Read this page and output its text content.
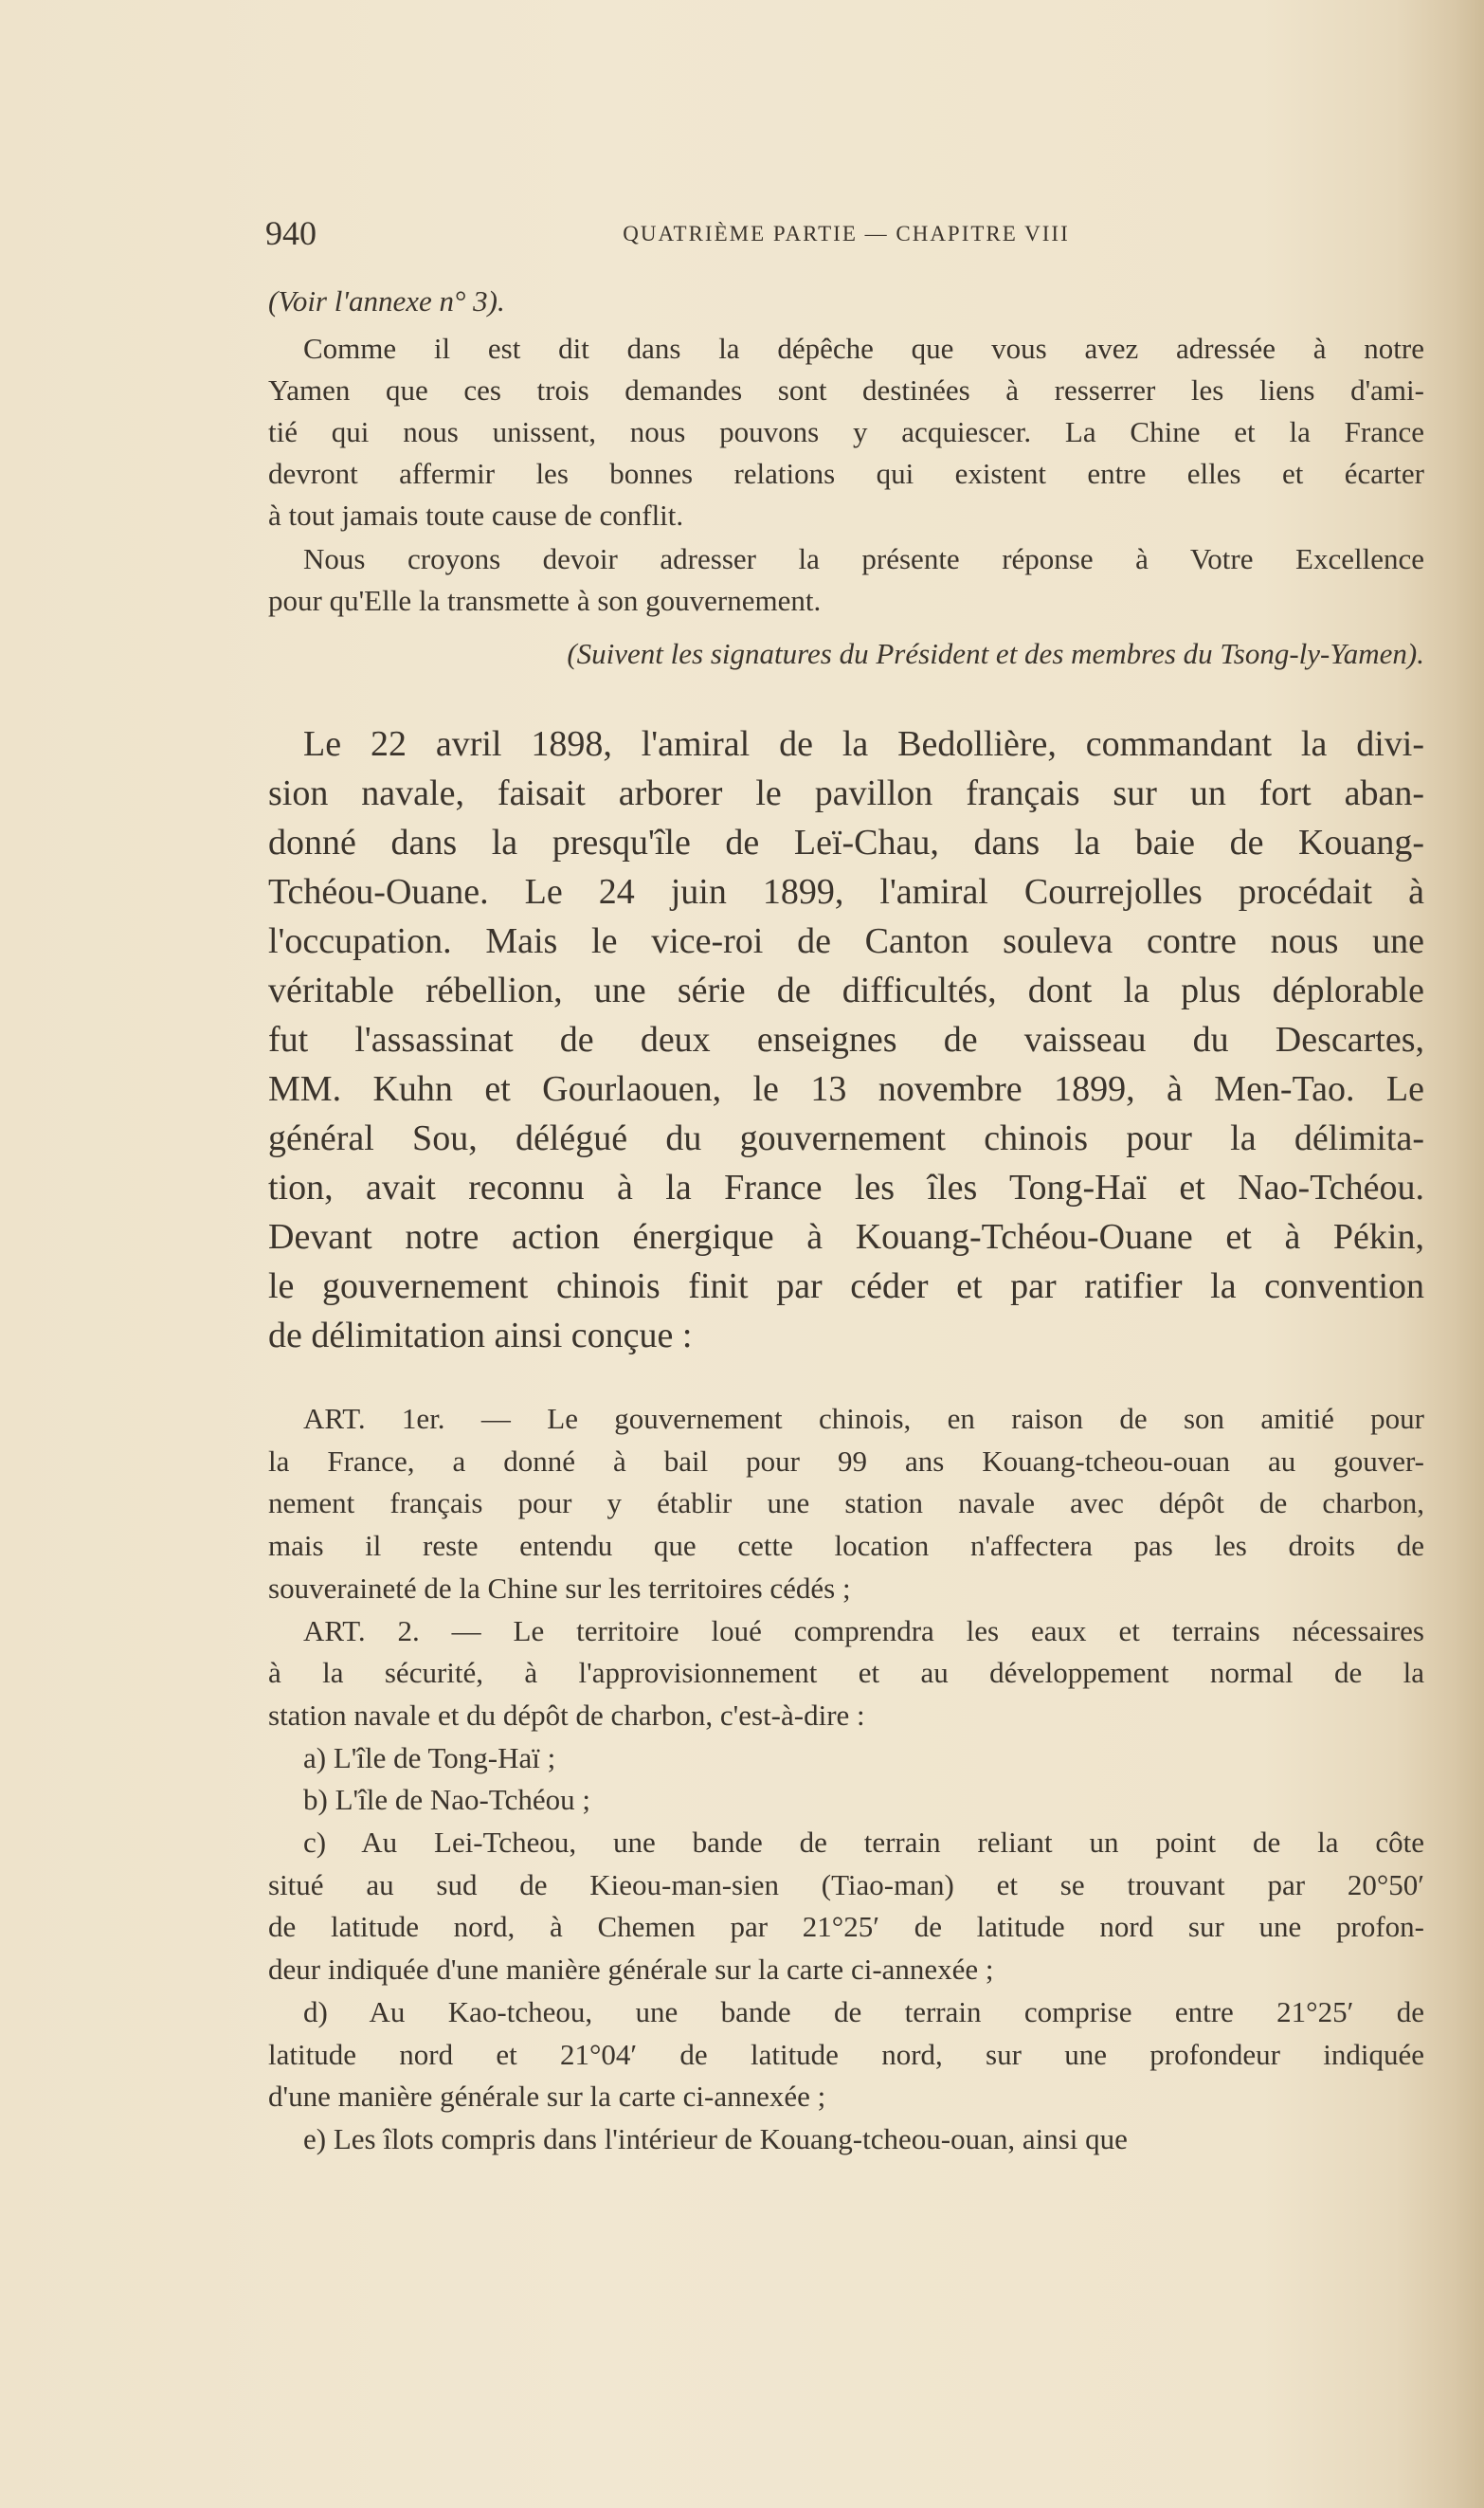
940	QUATRIÈME PARTIE — CHAPITRE VIII
(Voir l'annexe n° 3).
Comme il est dit dans la dépêche que vous avez adressée à notre
Yamen que ces trois demandes sont destinées à resserrer les liens d'ami-
tié qui nous unissent, nous pouvons y acquiescer. La Chine et la France
devront affermir les bonnes relations qui existent entre elles et écarter
à tout jamais toute cause de conflit.
Nous croyons devoir adresser la présente réponse à Votre Excellence
pour qu'Elle la transmette à son gouvernement.
(Suivent les signatures du Président et des membres du Tsong-ly-Yamen).
Le 22 avril 1898, l'amiral de la Bedollière, commandant la divi-
sion navale, faisait arborer le pavillon français sur un fort aban-
donné dans la presqu'île de Leï-Chau, dans la baie de Kouang-
Tchéou-Ouane. Le 24 juin 1899, l'amiral Courrejolles procédait à
l'occupation. Mais le vice-roi de Canton souleva contre nous une
véritable rébellion, une série de difficultés, dont la plus déplorable
fut l'assassinat de deux enseignes de vaisseau du Descartes,
MM. Kuhn et Gourlaouen, le 13 novembre 1899, à Men-Tao. Le
général Sou, délégué du gouvernement chinois pour la délimita-
tion, avait reconnu à la France les îles Tong-Haï et Nao-Tchéou.
Devant notre action énergique à Kouang-Tchéou-Ouane et à Pékin,
le gouvernement chinois finit par céder et par ratifier la convention
de délimitation ainsi conçue :
ART. 1er. — Le gouvernement chinois, en raison de son amitié pour
la France, a donné à bail pour 99 ans Kouang-tcheou-ouan au gouver-
nement français pour y établir une station navale avec dépôt de charbon,
mais il reste entendu que cette location n'affectera pas les droits de
souveraineté de la Chine sur les territoires cédés ;
ART. 2. — Le territoire loué comprendra les eaux et terrains nécessaires
à la sécurité, à l'approvisionnement et au développement normal de la
station navale et du dépôt de charbon, c'est-à-dire :
a) L'île de Tong-Haï ;
b) L'île de Nao-Tchéou ;
c) Au Lei-Tcheou, une bande de terrain reliant un point de la côte
situé au sud de Kieou-man-sien (Tiao-man) et se trouvant par 20°50′
de latitude nord, à Chemen par 21°25′ de latitude nord sur une profon-
deur indiquée d'une manière générale sur la carte ci-annexée ;
d) Au Kao-tcheou, une bande de terrain comprise entre 21°25′ de
latitude nord et 21°04′ de latitude nord, sur une profondeur indiquée
d'une manière générale sur la carte ci-annexée ;
e) Les îlots compris dans l'intérieur de Kouang-tcheou-ouan, ainsi que
